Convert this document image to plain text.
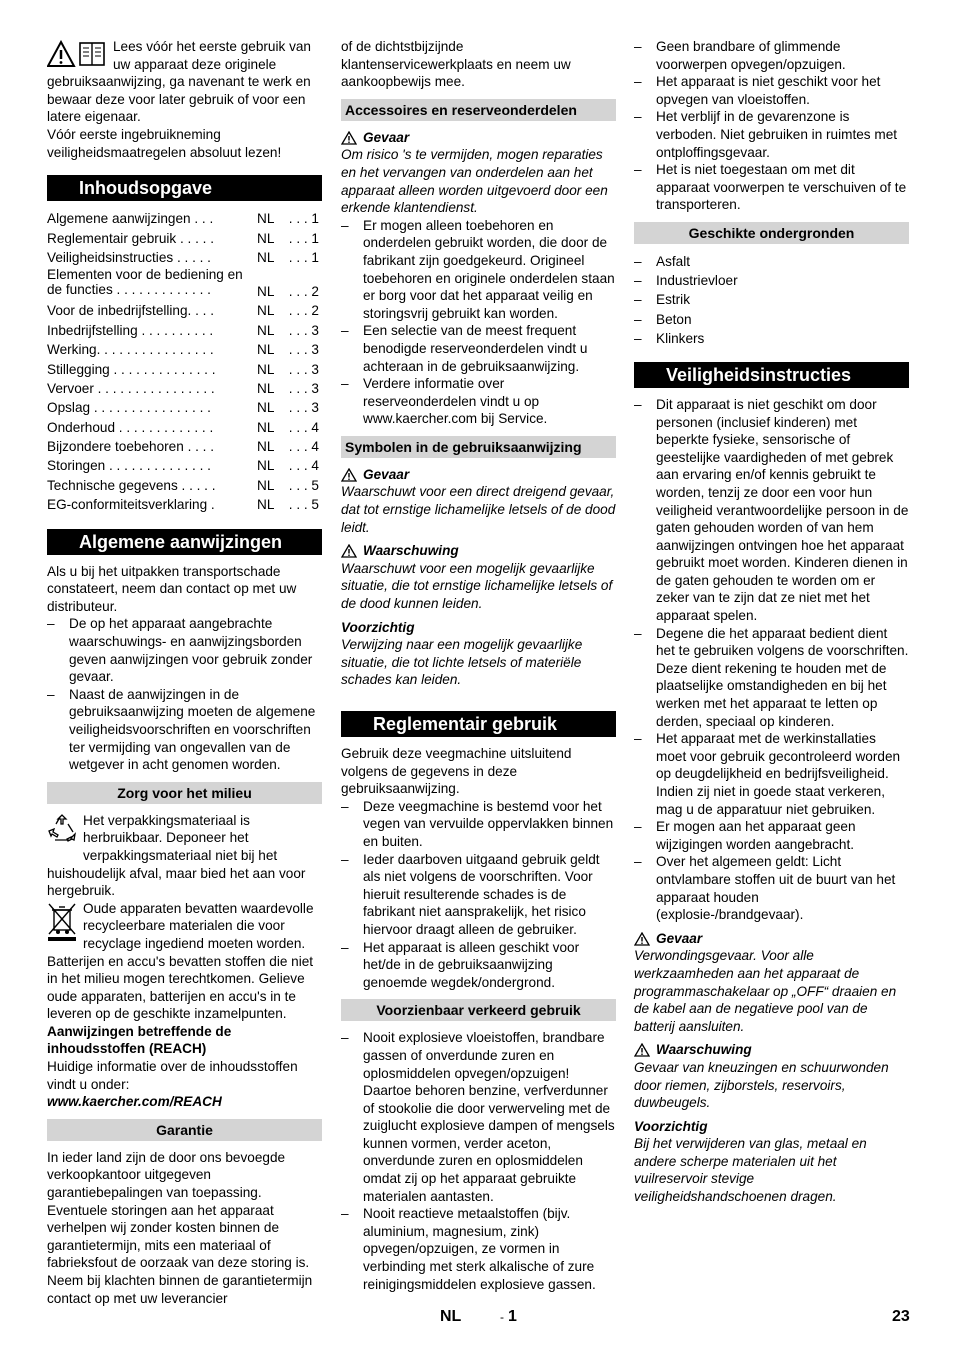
Lees vóór het eerste gebruik van uw apparaat deze originele gebruiksaanwijzing, ga navenant te werk en bewaar deze voor later gebruik of voor een latere eigenaar.

Vóór eerste ingebruikneming veiligheidsmaatregelen absoluut lezen!

Inhoudsopgave
Algemene aanwijzingen . . .	NL	. . . 1
Reglementair gebruik . . . . .	NL	. . . 1
Veiligheidsinstructies . . . . .	NL	. . . 1
Elementen voor de bediening en de functies . . . . . . . . . . . . .	NL	. . . 2
Voor de inbedrijfstelling. . . .	NL	. . . 2
Inbedrijfstelling . . . . . . . . . .	NL	. . . 3
Werking. . . . . . . . . . . . . . . .	NL	. . . 3
Stillegging . . . . . . . . . . . . . .	NL	. . . 3
Vervoer . . . . . . . . . . . . . . . .	NL	. . . 3
Opslag . . . . . . . . . . . . . . . .	NL	. . . 3
Onderhoud . . . . . . . . . . . . .	NL	. . . 4
Bijzondere toebehoren . . . .	NL	. . . 4
Storingen . . . . . . . . . . . . . .	NL	. . . 4
Technische gegevens . . . . .	NL	. . . 5
EG-conformiteitsverklaring .	NL	. . . 5
Algemene aanwijzingen

Als u bij het uitpakken transportschade constateert, neem dan contact op met uw distributeur.

– De op het apparaat aangebrachte waarschuwings- en aanwijzingsborden geven aanwijzingen voor gebruik zonder gevaar.
– Naast de aanwijzingen in de gebruiksaanwijzing moeten de algemene veiligheidsvoorschriften en voorschriften ter vermijding van ongevallen van de wetgever in acht genomen worden.
Zorg voor het milieu

Het verpakkingsmateriaal is herbruikbaar. Deponeer het verpakkingsmateriaal niet bij het huishoudelijk afval, maar bied het aan voor hergebruik.

Oude apparaten bevatten waardevolle recycleerbare materialen die voor recyclage ingediend moeten worden. Batterijen en accu's bevatten stoffen die niet in het milieu mogen terechtkomen. Gelieve oude apparaten, batterijen en accu's in te leveren op de geschikte inzamelpunten.

Aanwijzingen betreffende de inhoudsstoffen (REACH)

Huidige informatie over de inhoudsstoffen vindt u onder:

www.kaercher.com/REACH

Garantie

In ieder land zijn de door ons bevoegde verkoopkantoor uitgegeven garantiebepalingen van toepassing. Eventuele storingen aan het apparaat verhelpen wij zonder kosten binnen de garantietermijn, mits een materiaal of fabrieksfout de oorzaak van deze storing is. Neem bij klachten binnen de garantietermijn contact op met uw leverancier

of de dichtstbijzijnde klantenservicewerkplaats en neem uw aankoopbewijs mee.

Accessoires en reserveonderdelen
Gevaar

Om risico 's te vermijden, mogen reparaties en het vervangen van onderdelen aan het apparaat alleen worden uitgevoerd door een erkende klantendienst.

– Er mogen alleen toebehoren en onderdelen gebruikt worden, die door de fabrikant zijn goedgekeurd. Origineel toebehoren en originele onderdelen staan er borg voor dat het apparaat veilig en storingsvrij gebruikt kan worden.
– Een selectie van de meest frequent benodigde reserveonderdelen vindt u achteraan in de gebruiksaanwijzing.
– Verdere informatie over reserveonderdelen vindt u op www.kaercher.com bij Service.
Symbolen in de gebruiksaanwijzing
Gevaar

Waarschuwt voor een direct dreigend gevaar, dat tot ernstige lichamelijke letsels of de dood leidt.

Waarschuwing

Waarschuwt voor een mogelijk gevaarlijke situatie, die tot ernstige lichamelijke letsels of de dood kunnen leiden.

Voorzichtig

Verwijzing naar een mogelijk gevaarlijke situatie, die tot lichte letsels of materiële schades kan leiden.

Reglementair gebruik

Gebruik deze veegmachine uitsluitend volgens de gegevens in deze gebruiksaanwijzing.

– Deze veegmachine is bestemd voor het vegen van vervuilde oppervlakken binnen en buiten.
– Ieder daarboven uitgaand gebruik geldt als niet volgens de voorschriften. Voor hieruit resulterende schades is de fabrikant niet aansprakelijk, het risico hiervoor draagt alleen de gebruiker.
– Het apparaat is alleen geschikt voor het/de in de gebruiksaanwijzing genoemde wegdek/ondergrond.
Voorzienbaar verkeerd gebruik
– Nooit explosieve vloeistoffen, brandbare gassen of onverdunde zuren en oplosmiddelen opvegen/opzuigen! Daartoe behoren benzine, verfverdunner of stookolie die door verwerveling met de zuiglucht explosieve dampen of mengsels kunnen vormen, verder aceton, onverdunde zuren en oplosmiddelen omdat zij op het apparaat gebruikte materialen aantasten.
– Nooit reactieve metaalstoffen (bijv. aluminium, magnesium, zink) opvegen/opzuigen, ze vormen in verbinding met sterk alkalische of zure reinigingsmiddelen explosieve gassen.
– Geen brandbare of glimmende voorwerpen opvegen/opzuigen.
– Het apparaat is niet geschikt voor het opvegen van vloeistoffen.
– Het verblijf in de gevarenzone is verboden. Niet gebruiken in ruimtes met ontploffingsgevaar.
– Het is niet toegestaan om met dit apparaat voorwerpen te verschuiven of te transporteren.
Geschikte ondergronden
– Asfalt
– Industrievloer
– Estrik
– Beton
– Klinkers
Veiligheidsinstructies
– Dit apparaat is niet geschikt om door personen (inclusief kinderen) met beperkte fysieke, sensorische of geestelijke vaardigheden of met gebrek aan ervaring en/of kennis gebruikt te worden, tenzij ze door een voor hun veiligheid verantwoordelijke persoon in de gaten gehouden worden of van hem aanwijzingen ontvingen hoe het apparaat gebruikt moet worden. Kinderen dienen in de gaten gehouden te worden om er zeker van te zijn dat ze niet met het apparaat spelen.
– Degene die het apparaat bedient dient het te gebruiken volgens de voorschriften. Deze dient rekening te houden met de plaatselijke omstandigheden en bij het werken met het apparaat te letten op derden, speciaal op kinderen.
– Het apparaat met de werkinstallaties moet voor gebruik gecontroleerd worden op deugdelijkheid en bedrijfsveiligheid. Indien zij niet in goede staat verkeren, mag u de apparatuur niet gebruiken.
– Er mogen aan het apparaat geen wijzigingen worden aangebracht.
– Over het algemeen geldt: Licht ontvlambare stoffen uit de buurt van het apparaat houden (explosie-/brandgevaar).
Gevaar

Verwondingsgevaar. Voor alle werkzaamheden aan het apparaat de programmaschakelaar op „OFF“ draaien en de kabel aan de negatieve pool van de batterij aansluiten.

Waarschuwing

Gevaar van kneuzingen en schuurwonden door riemen, zijborstels, reservoirs, duwbeugels.

Voorzichtig

Bij het verwijderen van glas, metaal en andere scherpe materialen uit het vuilreservoir stevige veiligheidshandschoenen dragen.

NL	- 1	23
